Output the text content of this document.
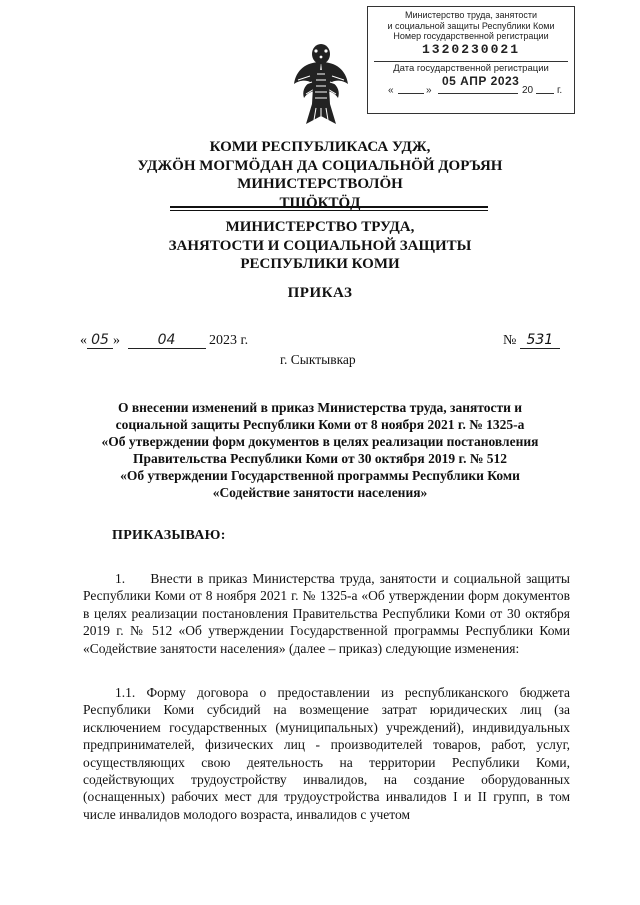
Министерство труда, занятости
и социальной защиты Республики Коми
Номер государственной регистрации
1320230021
Дата государственной регистрации
«	»
05 АПР 2023
20 г.
КОМИ РЕСПУБЛИКАСА УДЖ,
УДЖӦН МОГМӦДАН ДА СОЦИАЛЬНӦЙ ДОРЪЯН
МИНИСТЕРСТВОЛӦН
ТШӦКТӦД
МИНИСТЕРСТВО ТРУДА,
ЗАНЯТОСТИ И СОЦИАЛЬНОЙ ЗАЩИТЫ
РЕСПУБЛИКИ КОМИ
ПРИКАЗ
« 05 »	04 2023 г.	№ 531
г. Сыктывкар
О внесении изменений в приказ Министерства труда, занятости и
социальной защиты Республики Коми от 8 ноября 2021 г. № 1325-а
«Об утверждении форм документов в целях реализации постановления
Правительства Республики Коми от 30 октября 2019 г. № 512
«Об утверждении Государственной программы Республики Коми
«Содействие занятости населения»
ПРИКАЗЫВАЮ:
1.     Внести в приказ Министерства труда, занятости и социальной защиты Республики Коми от 8 ноября 2021 г. № 1325-а «Об утверждении форм документов в целях реализации постановления Правительства Республики Коми от 30 октября 2019 г. № 512 «Об утверждении Государственной программы Республики Коми «Содействие занятости населения» (далее – приказ) следующие изменения:
1.1. Форму договора о предоставлении из республиканского бюджета Республики Коми субсидий на возмещение затрат юридических лиц (за исключением государственных (муниципальных) учреждений), индивидуальных предпринимателей, физических лиц - производителей товаров, работ, услуг, осуществляющих свою деятельность на территории Республики Коми, содействующих трудоустройству инвалидов, на создание оборудованных (оснащенных) рабочих мест для трудоустройства инвалидов I и II групп, в том числе инвалидов молодого возраста, инвалидов с учетом
